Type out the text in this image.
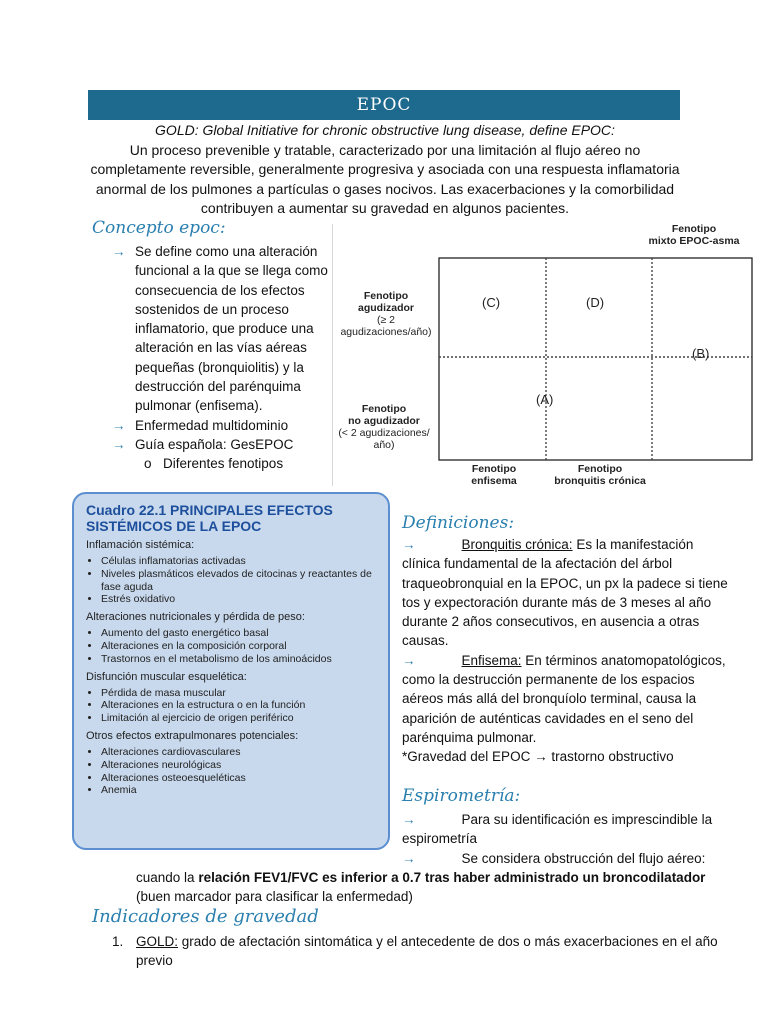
EPOC
GOLD: Global Initiative for chronic obstructive lung disease, define EPOC:
Un proceso prevenible y tratable, caracterizado por una limitación al flujo aéreo no completamente reversible, generalmente progresiva y asociada con una respuesta inflamatoria anormal de los pulmones a partículas o gases nocivos. Las exacerbaciones y la comorbilidad contribuyen a aumentar su gravedad en algunos pacientes.
Concepto epoc:
→ Se define como una alteración funcional a la que se llega como consecuencia de los efectos sostenidos de un proceso inflamatorio, que produce una alteración en las vías aéreas pequeñas (bronquiolitis) y la destrucción del parénquima pulmonar (enfisema).
→ Enfermedad multidominio
→ Guía española: GesEPOC
o Diferentes fenotipos
Fenotipo
mixto EPOC-asma
Fenotipo
agudizador
(≥ 2
agudizaciones/año)
Fenotipo
no agudizador
(< 2 agudizaciones/
año)
Fenotipo
enfisema
Fenotipo
bronquitis crónica
(C)	(D)
(B)
(A)
Cuadro 22.1 PRINCIPALES EFECTOS
SISTÉMICOS DE LA EPOC
Inflamación sistémica:
• Células inflamatorias activadas
• Niveles plasmáticos elevados de citocinas y reactantes de fase aguda
• Estrés oxidativo
Alteraciones nutricionales y pérdida de peso:
• Aumento del gasto energético basal
• Alteraciones en la composición corporal
• Trastornos en el metabolismo de los aminoácidos
Disfunción muscular esquelética:
• Pérdida de masa muscular
• Alteraciones en la estructura o en la función
• Limitación al ejercicio de origen periférico
Otros efectos extrapulmonares potenciales:
• Alteraciones cardiovasculares
• Alteraciones neurológicas
• Alteraciones osteoesqueléticas
• Anemia
Definiciones:
→	Bronquitis crónica: Es la manifestación clínica fundamental de la afectación del árbol traqueobronquial en la EPOC, un px la padece si tiene tos y expectoración durante más de 3 meses al año durante 2 años consecutivos, en ausencia a otras causas.
→	Enfisema: En términos anatomopatológicos, como la destrucción permanente de los espacios aéreos más allá del bronquíolo terminal, causa la aparición de auténticas cavidades en el seno del parénquima pulmonar.
*Gravedad del EPOC → trastorno obstructivo
Espirometría:
→	Para su identificación es imprescindible la espirometría
→	Se considera obstrucción del flujo aéreo:
cuando la relación FEV1/FVC es inferior a 0.7 tras haber administrado un broncodilatador (buen marcador para clasificar la enfermedad)
Indicadores de gravedad
1. GOLD: grado de afectación sintomática y el antecedente de dos o más exacerbaciones en el año previo
